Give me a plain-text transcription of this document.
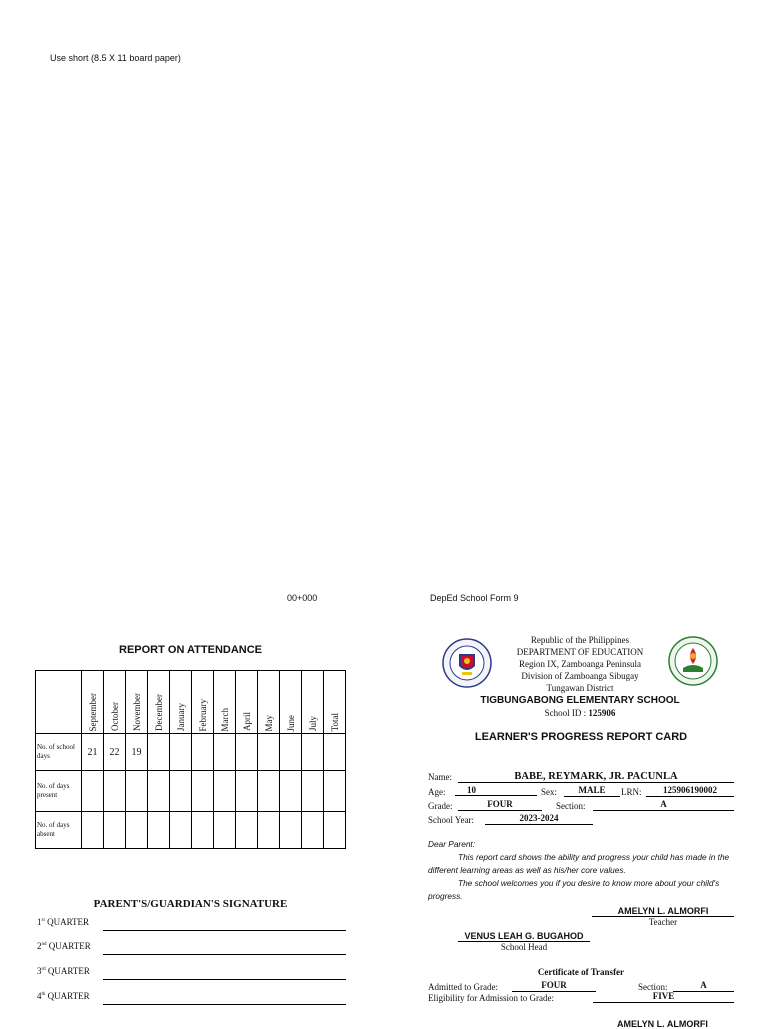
Use short (8.5 X 11 board paper)
00+000	DepEd School Form 9
REPORT ON ATTENDANCE
	September	October	November	December	January	February	March	April	May	June	July	Total
No. of school days	21	22	19									
No. of days present												
No. of days absent												
PARENT'S/GUARDIAN'S SIGNATURE
1st QUARTER
2nd QUARTER
3rd QUARTER
4th QUARTER
Republic of the Philippines
DEPARTMENT OF EDUCATION
Region IX, Zamboanga Peninsula
Division of Zamboanga Sibugay
Tungawan District
TIGBUNGABONG ELEMENTARY SCHOOL
School ID : 125906
LEARNER'S PROGRESS REPORT CARD
Name:	BABE, REYMARK, JR. PACUNLA
Age:	10	Sex:	MALE	LRN:	125906190002
Grade:	FOUR	Section:	A
School Year:	2023-2024

Dear Parent:

This report card shows the ability and progress your child has made in the different learning areas as well as his/her core values.

The school welcomes you if you desire to know more about your child's progress.

AMELYN L. ALMORFI
Teacher
VENUS LEAH G. BUGAHOD
School Head
Certificate of Transfer
Admitted to Grade:	FOUR	Section:	A
Eligibility for Admission to Grade:	FIVE
AMELYN L. ALMORFI
